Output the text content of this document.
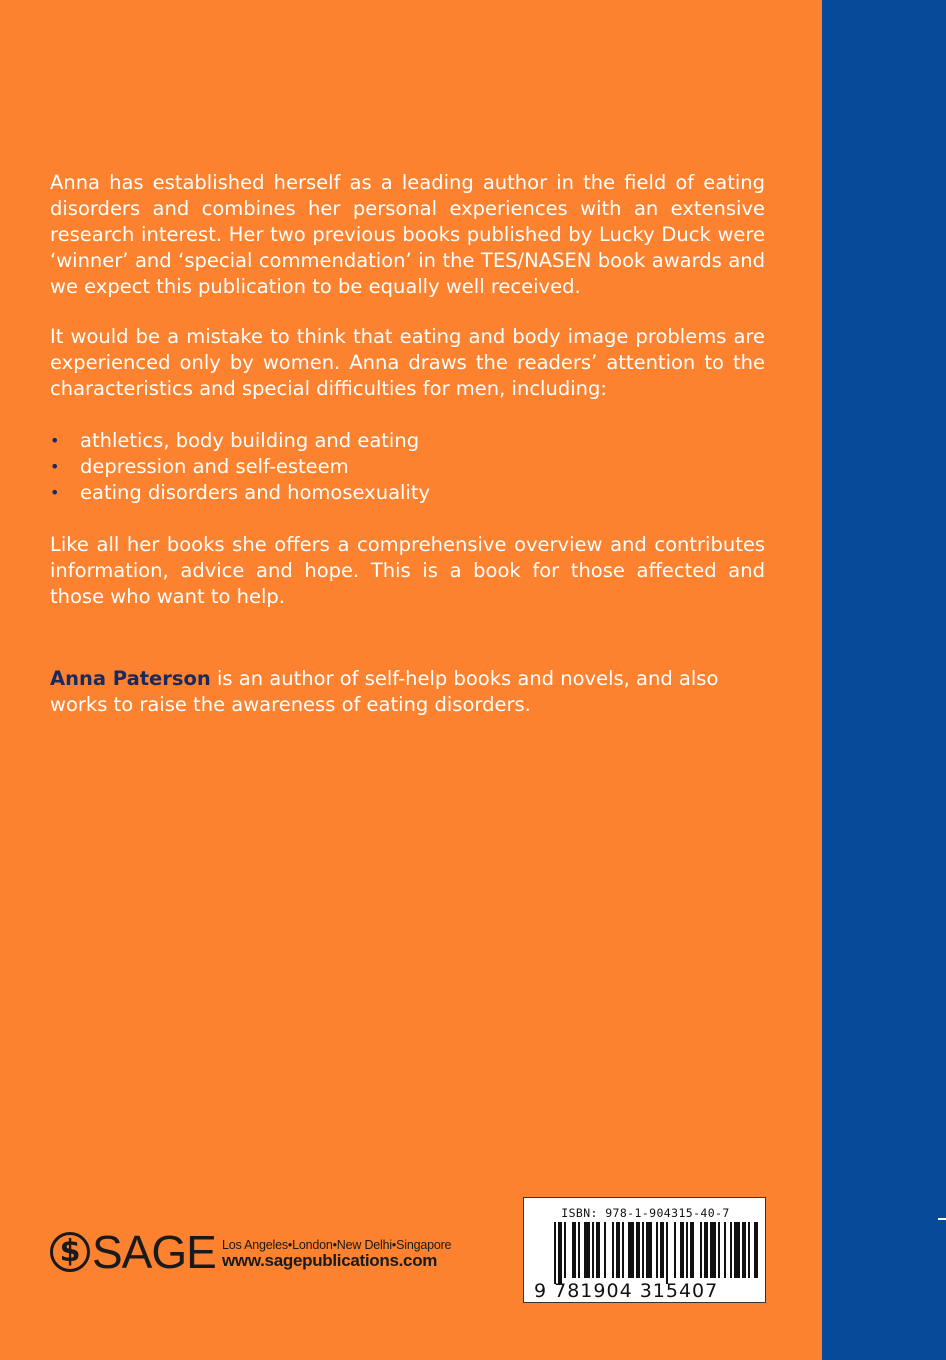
Anna has established herself as a leading author in the field of eating disorders and combines her personal experiences with an extensive research interest. Her two previous books published by Lucky Duck were ‘winner’ and ‘special commendation’ in the TES/NASEN book awards and we expect this publication to be equally well received.

It would be a mistake to think that eating and body image problems are experienced only by women. Anna draws the readers’ attention to the characteristics and special difficulties for men, including:

• athletics, body building and eating
• depression and self-esteem
• eating disorders and homosexuality

Like all her books she offers a comprehensive overview and contributes information, advice and hope. This is a book for those affected and those who want to help.

Anna Paterson is an author of self-help books and novels, and also works to raise the awareness of eating disorders.

$ SAGE Los Angeles•London•New Delhi•Singapore
www.sagepublications.com
ISBN: 978-1-904315-40-7
9 781904 315407
